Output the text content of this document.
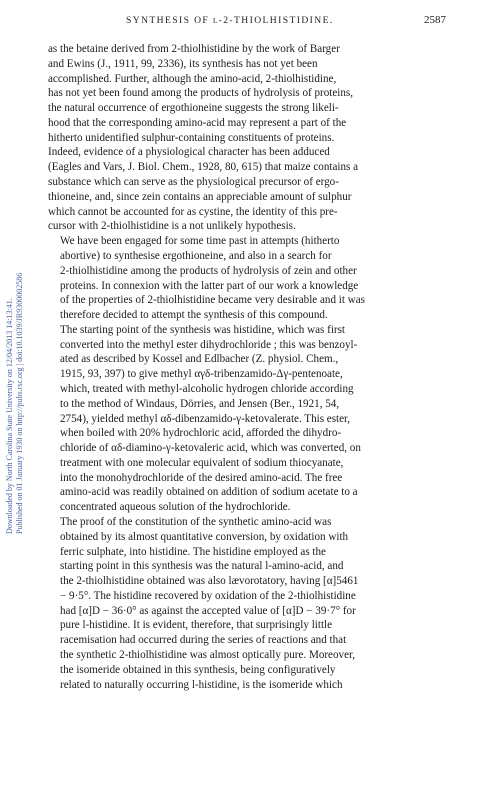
SYNTHESIS OF l-2-THIOLHISTIDINE.	2587
Downloaded by North Carolina State University on 12/04/2013 14:13:41. Published on 01 January 1930 on http://pubs.rsc.org | doi:10.1039/JR9300002586

as the betaine derived from 2-thiolhistidine by the work of Barger
and Ewins (J., 1911, 99, 2336), its synthesis has not yet been
accomplished. Further, although the amino-acid, 2-thiolhistidine,
has not yet been found among the products of hydrolysis of proteins,
the natural occurrence of ergothioneine suggests the strong likeli-
hood that the corresponding amino-acid may represent a part of the
hitherto unidentified sulphur-containing constituents of proteins.
Indeed, evidence of a physiological character has been adduced
(Eagles and Vars, J. Biol. Chem., 1928, 80, 615) that maize contains a
substance which can serve as the physiological precursor of ergo-
thioneine, and, since zein contains an appreciable amount of sulphur
which cannot be accounted for as cystine, the identity of this pre-
cursor with 2-thiolhistidine is a not unlikely hypothesis.

We have been engaged for some time past in attempts (hitherto
abortive) to synthesise ergothioneine, and also in a search for
2-thiolhistidine among the products of hydrolysis of zein and other
proteins. In connexion with the latter part of our work a knowledge
of the properties of 2-thiolhistidine became very desirable and it was
therefore decided to attempt the synthesis of this compound.

The starting point of the synthesis was histidine, which was first
converted into the methyl ester dihydrochloride ; this was benzoyl-
ated as described by Kossel and Edlbacher (Z. physiol. Chem.,
1915, 93, 397) to give methyl αγδ-tribenzamido-Δγ-pentenoate,
which, treated with methyl-alcoholic hydrogen chloride according
to the method of Windaus, Dörries, and Jensen (Ber., 1921, 54,
2754), yielded methyl αδ-dibenzamido-γ-ketovalerate. This ester,
when boiled with 20% hydrochloric acid, afforded the dihydro-
chloride of αδ-diamino-γ-ketovaleric acid, which was converted, on
treatment with one molecular equivalent of sodium thiocyanate,
into the monohydrochloride of the desired amino-acid. The free
amino-acid was readily obtained on addition of sodium acetate to a
concentrated aqueous solution of the hydrochloride.

The proof of the constitution of the synthetic amino-acid was
obtained by its almost quantitative conversion, by oxidation with
ferric sulphate, into histidine. The histidine employed as the
starting point in this synthesis was the natural l-amino-acid, and
the 2-thiolhistidine obtained was also lævorotatory, having [α]5461
− 9·5°. The histidine recovered by oxidation of the 2-thiolhistidine
had [α]D − 36·0° as against the accepted value of [α]D − 39·7° for
pure l-histidine. It is evident, therefore, that surprisingly little
racemisation had occurred during the series of reactions and that
the synthetic 2-thiolhistidine was almost optically pure. Moreover,
the isomeride obtained in this synthesis, being configuratively
related to naturally occurring l-histidine, is the isomeride which
